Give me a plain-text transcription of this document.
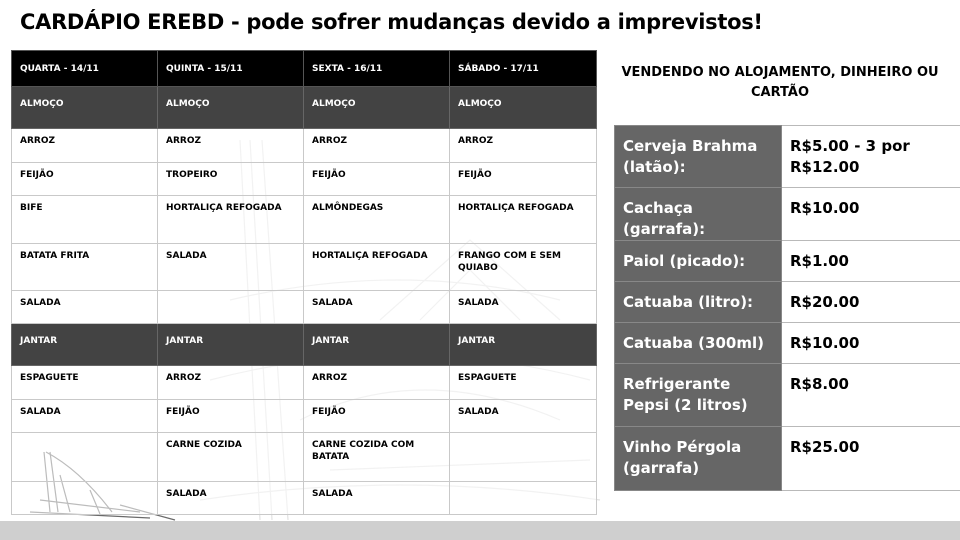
CARDÁPIO EREBD - pode sofrer mudanças devido a imprevistos!
QUARTA - 14/11	QUINTA - 15/11	SEXTA - 16/11	SÁBADO - 17/11
ALMOÇO	ALMOÇO	ALMOÇO	ALMOÇO
ARROZ	ARROZ	ARROZ	ARROZ
FEIJÃO	TROPEIRO	FEIJÃO	FEIJÃO
BIFE	HORTALIÇA REFOGADA	ALMÔNDEGAS	HORTALIÇA REFOGADA
BATATA FRITA	SALADA	HORTALIÇA REFOGADA	FRANGO COM E SEM QUIABO
SALADA		SALADA	SALADA
JANTAR	JANTAR	JANTAR	JANTAR
ESPAGUETE	ARROZ	ARROZ	ESPAGUETE
SALADA	FEIJÃO	FEIJÃO	SALADA
	CARNE COZIDA	CARNE COZIDA COM BATATA	
	SALADA	SALADA	
VENDENDO NO ALOJAMENTO, DINHEIRO OU CARTÃO
Cerveja Brahma (latão):	R$5.00 - 3 por R$12.00
Cachaça (garrafa):	R$10.00
Paiol (picado):	R$1.00
Catuaba (litro):	R$20.00
Catuaba (300ml)	R$10.00
Refrigerante Pepsi (2 litros)	R$8.00
Vinho Pérgola (garrafa)	R$25.00
